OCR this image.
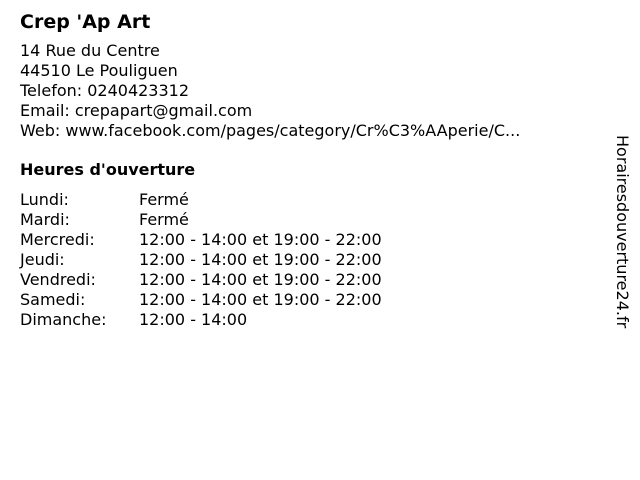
Crep 'Ap Art
14 Rue du Centre
44510 Le Pouliguen
Telefon: 0240423312
Email: crepapart@gmail.com
Web: www.facebook.com/pages/category/Cr%C3%AAperie/C...
Heures d'ouverture
Lundi:	Fermé
Mardi:	Fermé
Mercredi:	12:00 - 14:00 et 19:00 - 22:00
Jeudi:	12:00 - 14:00 et 19:00 - 22:00
Vendredi:	12:00 - 14:00 et 19:00 - 22:00
Samedi:	12:00 - 14:00 et 19:00 - 22:00
Dimanche:	12:00 - 14:00	Horairesdouverture24.fr
